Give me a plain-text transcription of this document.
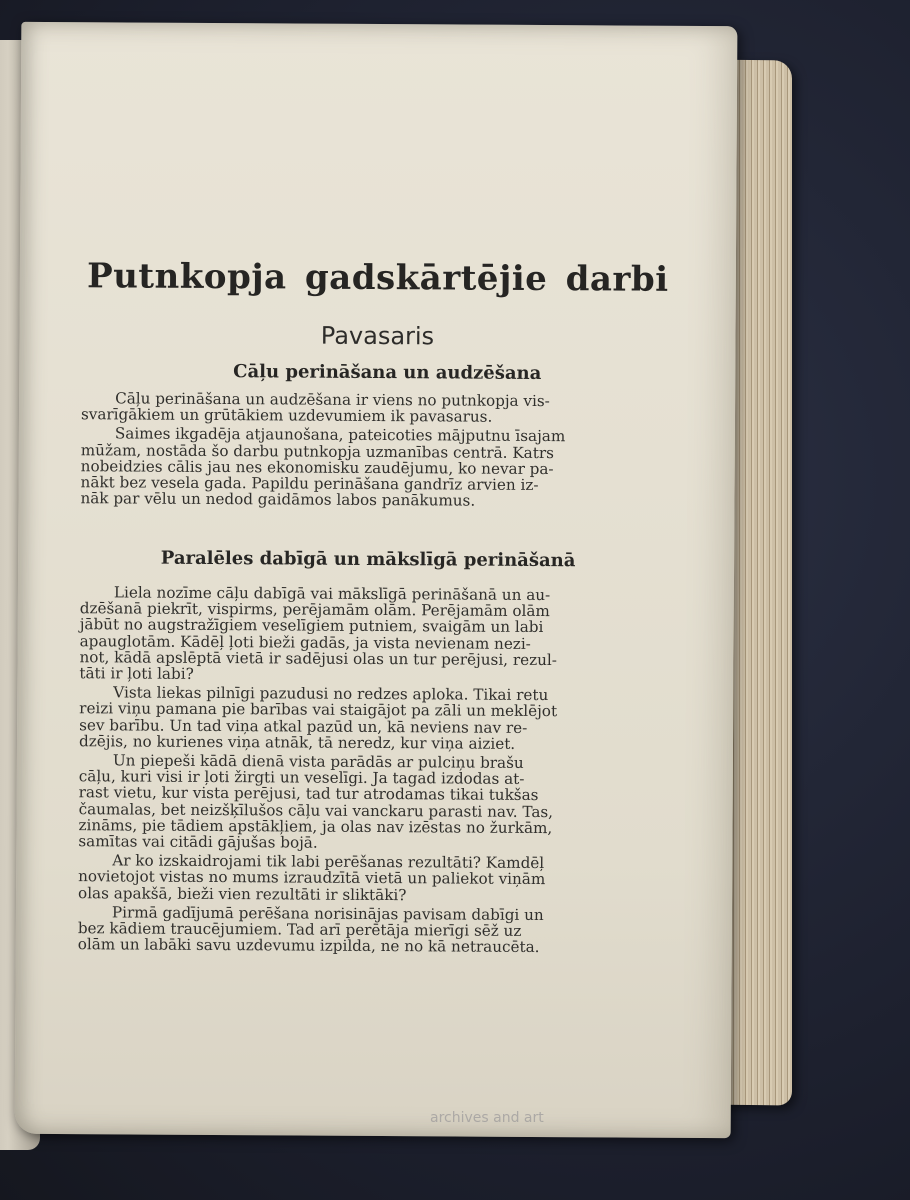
Putnkopja gadskārtējie darbi
Pavasaris
Cāļu perināšana un audzēšana

Cāļu perināšana un audzēšana ir viens no putnkopja vis-
svarīgākiem un grūtākiem uzdevumiem ik pavasarus.

Saimes ikgadēja atjaunošana, pateicoties mājputnu īsajam
mūžam, nostāda šo darbu putnkopja uzmanības centrā. Katrs
nobeidzies cālis jau nes ekonomisku zaudējumu, ko nevar pa-
nākt bez vesela gada. Papildu perināšana gandrīz arvien iz-
nāk par vēlu un nedod gaidāmos labos panākumus.

Paralēles dabīgā un mākslīgā perināšanā

Liela nozīme cāļu dabīgā vai mākslīgā perināšanā un au-
dzēšanā piekrīt, vispirms, perējamām olām. Perējamām olām
jābūt no augstražīgiem veselīgiem putniem, svaigām un labi
apauglotām. Kādēļ ļoti bieži gadās, ja vista nevienam nezi-
not, kādā apslēptā vietā ir sadējusi olas un tur perējusi, rezul-
tāti ir ļoti labi?

Vista liekas pilnīgi pazudusi no redzes aploka. Tikai retu
reizi viņu pamana pie barības vai staigājot pa zāli un meklējot
sev barību. Un tad viņa atkal pazūd un, kā neviens nav re-
dzējis, no kurienes viņa atnāk, tā neredz, kur viņa aiziet.

Un piepeši kādā dienā vista parādās ar pulciņu brašu
cāļu, kuri visi ir ļoti žirgti un veselīgi. Ja tagad izdodas at-
rast vietu, kur vista perējusi, tad tur atrodamas tikai tukšas
čaumalas, bet neizšķīlušos cāļu vai vanckaru parasti nav. Tas,
zināms, pie tādiem apstākļiem, ja olas nav izēstas no žurkām,
samītas vai citādi gājušas bojā.

Ar ko izskaidrojami tik labi perēšanas rezultāti? Kamdēļ
novietojot vistas no mums izraudzītā vietā un paliekot viņām
olas apakšā, bieži vien rezultāti ir sliktāki?

Pirmā gadījumā perēšana norisinājas pavisam dabīgi un
bez kādiem traucējumiem. Tad arī perētāja mierīgi sēž uz
olām un labāki savu uzdevumu izpilda, ne no kā netraucēta.

archives and art
